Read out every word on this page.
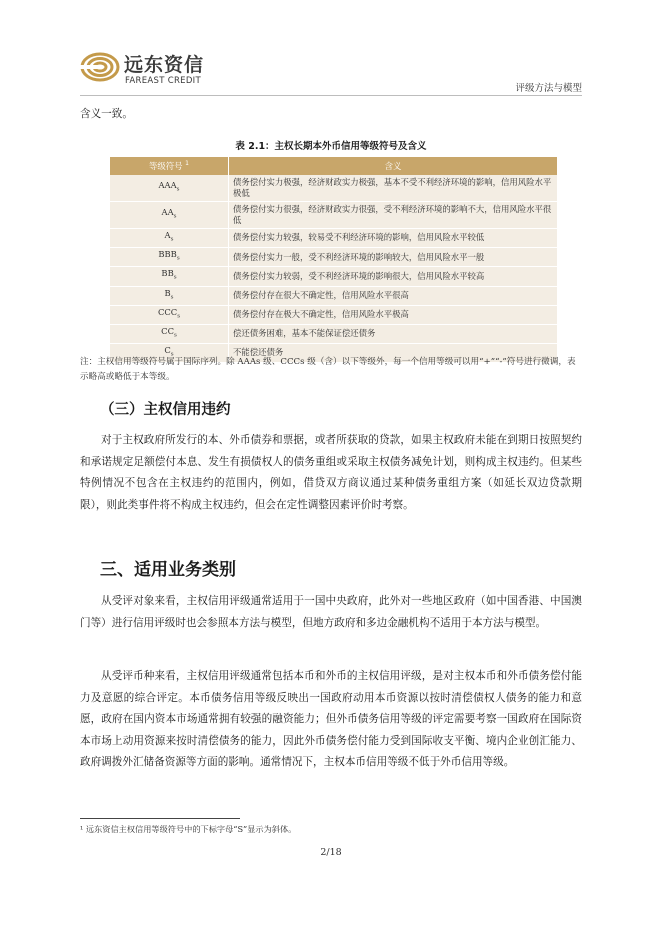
远东资信
FAREAST CREDIT
评级方法与模型
含义一致。
表 2.1：主权长期本外币信用等级符号及含义
等级符号 $^1$	含义
$AAA_s$	债务偿付实力极强，经济财政实力极强，基本不受不利经济环境的影响，信用风险水平极低
$AA_s$	债务偿付实力很强，经济财政实力很强，受不利经济环境的影响不大，信用风险水平很低
$A_s$	债务偿付实力较强，较易受不利经济环境的影响，信用风险水平较低
$BBB_s$	债务偿付实力一般，受不利经济环境的影响较大，信用风险水平一般
$BB_s$	债务偿付实力较弱，受不利经济环境的影响很大，信用风险水平较高
$B_s$	债务偿付存在很大不确定性，信用风险水平很高
$CCC_s$	债务偿付存在极大不确定性，信用风险水平极高
$CC_s$	偿还债务困难，基本不能保证偿还债务
$C_s$	不能偿还债务
注：主权信用等级符号属于国际序列。除 AAAs 级、CCCs 级（含）以下等级外，每一个信用等级可以用“+”“-”符号进行微调，表示略高或略低于本等级。
（三）主权信用违约
对于主权政府所发行的本、外币债券和票据，或者所获取的贷款，如果主权政府未能在到期日按照契约和承诺规定足额偿付本息、发生有损债权人的债务重组或采取主权债务减免计划，则构成主权违约。但某些特例情况不包含在主权违约的范围内，例如，借贷双方商议通过某种债务重组方案（如延长双边贷款期限），则此类事件将不构成主权违约，但会在定性调整因素评价时考察。
三、适用业务类别
从受评对象来看，主权信用评级通常适用于一国中央政府，此外对一些地区政府（如中国香港、中国澳门等）进行信用评级时也会参照本方法与模型，但地方政府和多边金融机构不适用于本方法与模型。
从受评币种来看，主权信用评级通常包括本币和外币的主权信用评级，是对主权本币和外币债务偿付能力及意愿的综合评定。本币债务信用等级反映出一国政府动用本币资源以按时清偿债权人债务的能力和意愿，政府在国内资本市场通常拥有较强的融资能力；但外币债务信用等级的评定需要考察一国政府在国际资本市场上动用资源来按时清偿债务的能力，因此外币债务偿付能力受到国际收支平衡、境内企业创汇能力、政府调拨外汇储备资源等方面的影响。通常情况下，主权本币信用等级不低于外币信用等级。
¹ 远东资信主权信用等级符号中的下标字母“S”显示为斜体。
2/18
